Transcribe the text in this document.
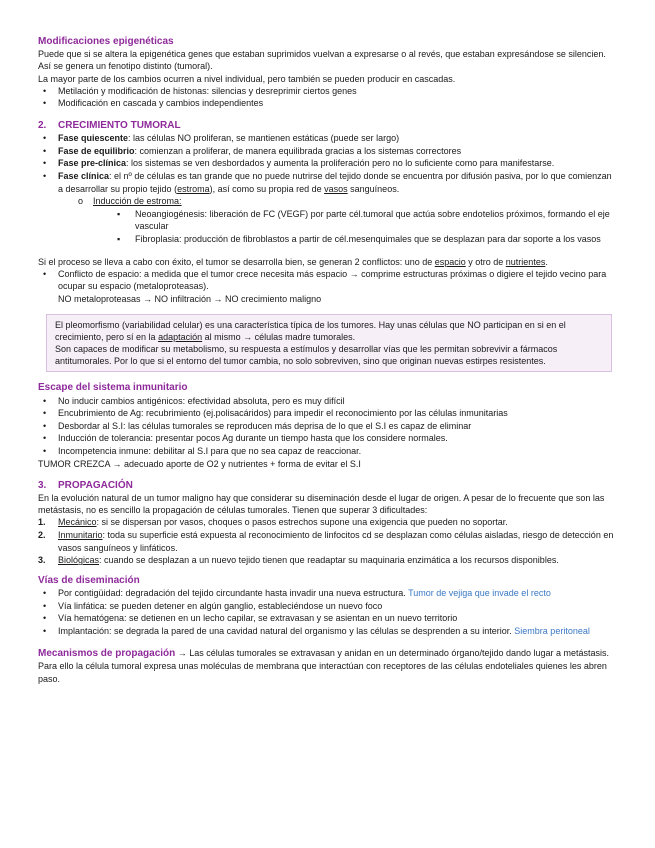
Modificaciones epigenéticas
Puede que si se altera la epigenética genes que estaban suprimidos vuelvan a expresarse o al revés, que estaban expresándose se silencien. Así se genera un fenotipo distinto (tumoral).
La mayor parte de los cambios ocurren a nivel individual, pero también se pueden producir en cascadas.
•	Metilación y modificación de histonas: silencias y desreprimir ciertos genes
•	Modificación en cascada y cambios independientes
2. CRECIMIENTO TUMORAL
•	Fase quiescente: las células NO proliferan, se mantienen estáticas (puede ser largo)
•	Fase de equilibrio: comienzan a proliferar, de manera equilibrada gracias a los sistemas correctores
•	Fase pre-clínica: los sistemas se ven desbordados y aumenta la proliferación pero no lo suficiente como para manifestarse.
•	Fase clínica: el nº de células es tan grande que no puede nutrirse del tejido donde se encuentra por difusión pasiva, por lo que comienzan a desarrollar su propio tejido (estroma), así como su propia red de vasos sanguíneos.
o	Inducción de estroma:
▪	Neoangiogénesis: liberación de FC (VEGF) por parte cél.tumoral que actúa sobre endotelios próximos, formando el eje vascular
▪	Fibroplasia: producción de fibroblastos a partir de cél.mesenquimales que se desplazan para dar soporte a los vasos
Si el proceso se lleva a cabo con éxito, el tumor se desarrolla bien, se generan 2 conflictos: uno de espacio y otro de nutrientes.
• Conflicto de espacio: a medida que el tumor crece necesita más espacio → comprime estructuras próximas o digiere el tejido vecino para ocupar su espacio (metaloproteasas).
NO metaloproteasas → NO infiltración → NO crecimiento maligno
El pleomorfismo (variabilidad celular) es una característica típica de los tumores. Hay unas células que NO participan en si en el crecimiento, pero sí en la adaptación al mismo → células madre tumorales.
Son capaces de modificar su metabolismo, su respuesta a estímulos y desarrollar vías que les permitan sobrevivir a fármacos antitumorales. Por lo que si el entorno del tumor cambia, no solo sobreviven, sino que originan nuevas estirpes resistentes.
Escape del sistema inmunitario
•	No inducir cambios antigénicos: efectividad absoluta, pero es muy difícil
•	Encubrimiento de Ag: recubrimiento (ej.polisacáridos) para impedir el reconocimiento por las células inmunitarias
•	Desbordar al S.I: las células tumorales se reproducen más deprisa de lo que el S.I es capaz de eliminar
•	Inducción de tolerancia: presentar pocos Ag durante un tiempo hasta que los considere normales.
•	Incompetencia inmune: debilitar al S.I para que no sea capaz de reaccionar.
TUMOR CREZCA → adecuado aporte de O2 y nutrientes + forma de evitar el S.I
3. PROPAGACIÓN
En la evolución natural de un tumor maligno hay que considerar su diseminación desde el lugar de origen. A pesar de lo frecuente que son las metástasis, no es sencillo la propagación de células tumorales. Tienen que superar 3 dificultades:
1.	Mecánico: si se dispersan por vasos, choques o pasos estrechos supone una exigencia que pueden no soportar.
2.	Inmunitario: toda su superficie está expuesta al reconocimiento de linfocitos cd se desplazan como células aisladas, riesgo de detección en vasos sanguíneos y linfáticos.
3.	Biológicas: cuando se desplazan a un nuevo tejido tienen que readaptar su maquinaria enzimática a los recursos disponibles.
Vías de diseminación
•	Por contigüidad: degradación del tejido circundante hasta invadir una nueva estructura. Tumor de vejiga que invade el recto
•	Vía linfática: se pueden detener en algún ganglio, estableciéndose un nuevo foco
•	Vía hematógena: se detienen en un lecho capilar, se extravasan y se asientan en un nuevo territorio
•	Implantación: se degrada la pared de una cavidad natural del organismo y las células se desprenden a su interior. Siembra peritoneal
Mecanismos de propagación → Las células tumorales se extravasan y anidan en un determinado órgano/tejido dando lugar a metástasis. Para ello la célula tumoral expresa unas moléculas de membrana que interactúan con receptores de las células endoteliales quienes les abren paso.
